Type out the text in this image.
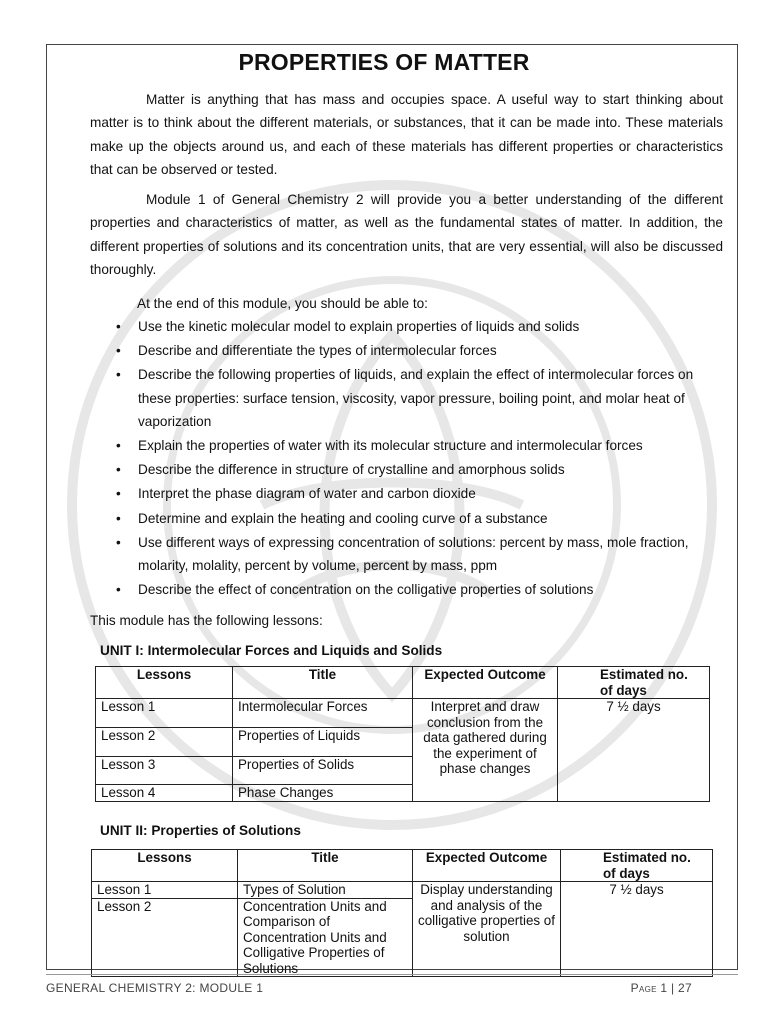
PROPERTIES OF MATTER

Matter is anything that has mass and occupies space. A useful way to start thinking about matter is to think about the different materials, or substances, that it can be made into. These materials make up the objects around us, and each of these materials has different properties or characteristics that can be observed or tested.

Module 1 of General Chemistry 2 will provide you a better understanding of the different properties and characteristics of matter, as well as the fundamental states of matter. In addition, the different properties of solutions and its concentration units, that are very essential, will also be discussed thoroughly.

At the end of this module, you should be able to:

• Use the kinetic molecular model to explain properties of liquids and solids
• Describe and differentiate the types of intermolecular forces
• Describe the following properties of liquids, and explain the effect of intermolecular forces on these properties: surface tension, viscosity, vapor pressure, boiling point, and molar heat of vaporization
• Explain the properties of water with its molecular structure and intermolecular forces
• Describe the difference in structure of crystalline and amorphous solids
• Interpret the phase diagram of water and carbon dioxide
• Determine and explain the heating and cooling curve of a substance
• Use different ways of expressing concentration of solutions: percent by mass, mole fraction, molarity, molality, percent by volume, percent by mass, ppm
• Describe the effect of concentration on the colligative properties of solutions

This module has the following lessons:

UNIT I: Intermolecular Forces and Liquids and Solids

Lessons	Title	Expected Outcome	Estimated no. of days
Lesson 1	Intermolecular Forces	Interpret and draw conclusion from the data gathered during the experiment of phase changes	7 ½ days
Lesson 2	Properties of Liquids		
Lesson 3	Properties of Solids		
Lesson 4	Phase Changes		

UNIT II: Properties of Solutions

Lessons	Title	Expected Outcome	Estimated no. of days
Lesson 1	Types of Solution	Display understanding and analysis of the colligative properties of solution	7 ½ days
Lesson 2	Concentration Units and Comparison of Concentration Units and Colligative Properties of Solutions		
GENERAL CHEMISTRY 2: MODULE 1	Page 1 | 27
